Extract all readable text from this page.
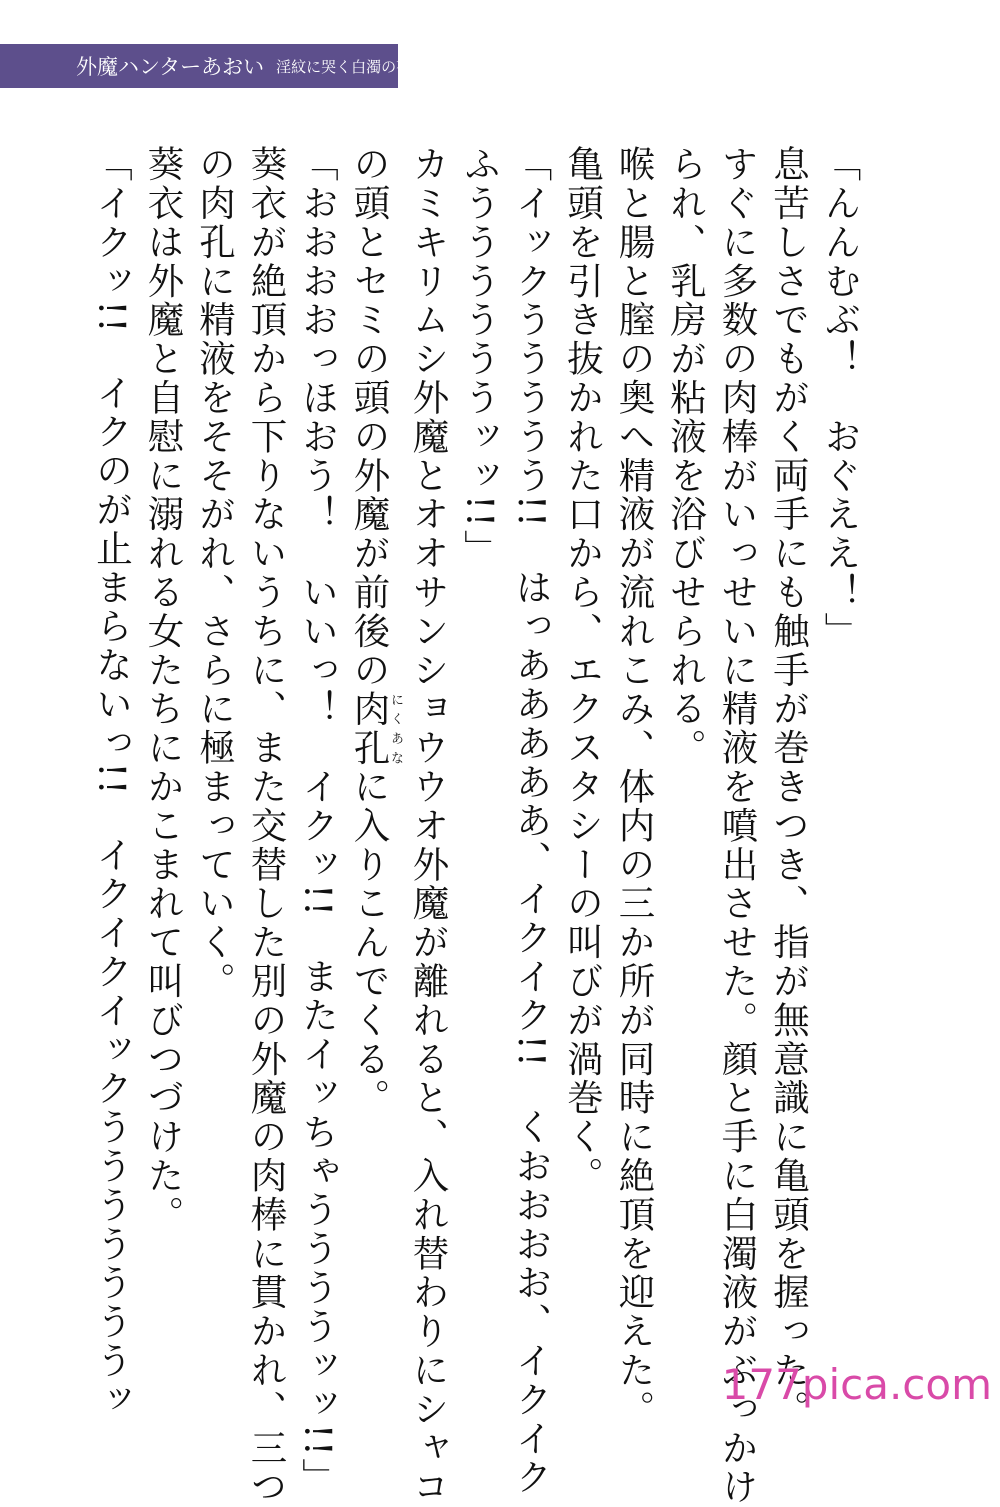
外魔ハンターあおい 淫紋に哭く白濁の夜
「んんむぶ！　おぐええ！」
息苦しさでもがく両手にも触手が巻きつき、指が無意識に亀頭を握った。
すぐに多数の肉棒がいっせいに精液を噴出させた。顔と手に白濁液がぶっかけ
られ、乳房が粘液を浴びせられる。
喉と腸と膣の奥へ精液が流れこみ、体内の三か所が同時に絶頂を迎えた。
亀頭を引き抜かれた口から、エクスタシーの叫びが渦巻く。
「イックううううう!!　はっあああああ、イクイク!!　くおおおお、イクイク
ふううううううッッ!!」
カミキリムシ外魔とオオサンショウウオ外魔が離れると、入れ替わりにシャコ
の頭とセミの頭の外魔が前後の肉孔にくあなに入りこんでくる。
「おおおおっほおう！　いいっ！　イクッ!!　またイッちゃううううッッ!!」
葵衣が絶頂から下りないうちに、また交替した別の外魔の肉棒に貫かれ、三つ
の肉孔に精液をそそがれ、さらに極まっていく。
葵衣は外魔と自慰に溺れる女たちにかこまれて叫びつづけた。
「イクッ!!　イクのが止まらないっ!!　イクイクイックうううううううッ	177pica.com
